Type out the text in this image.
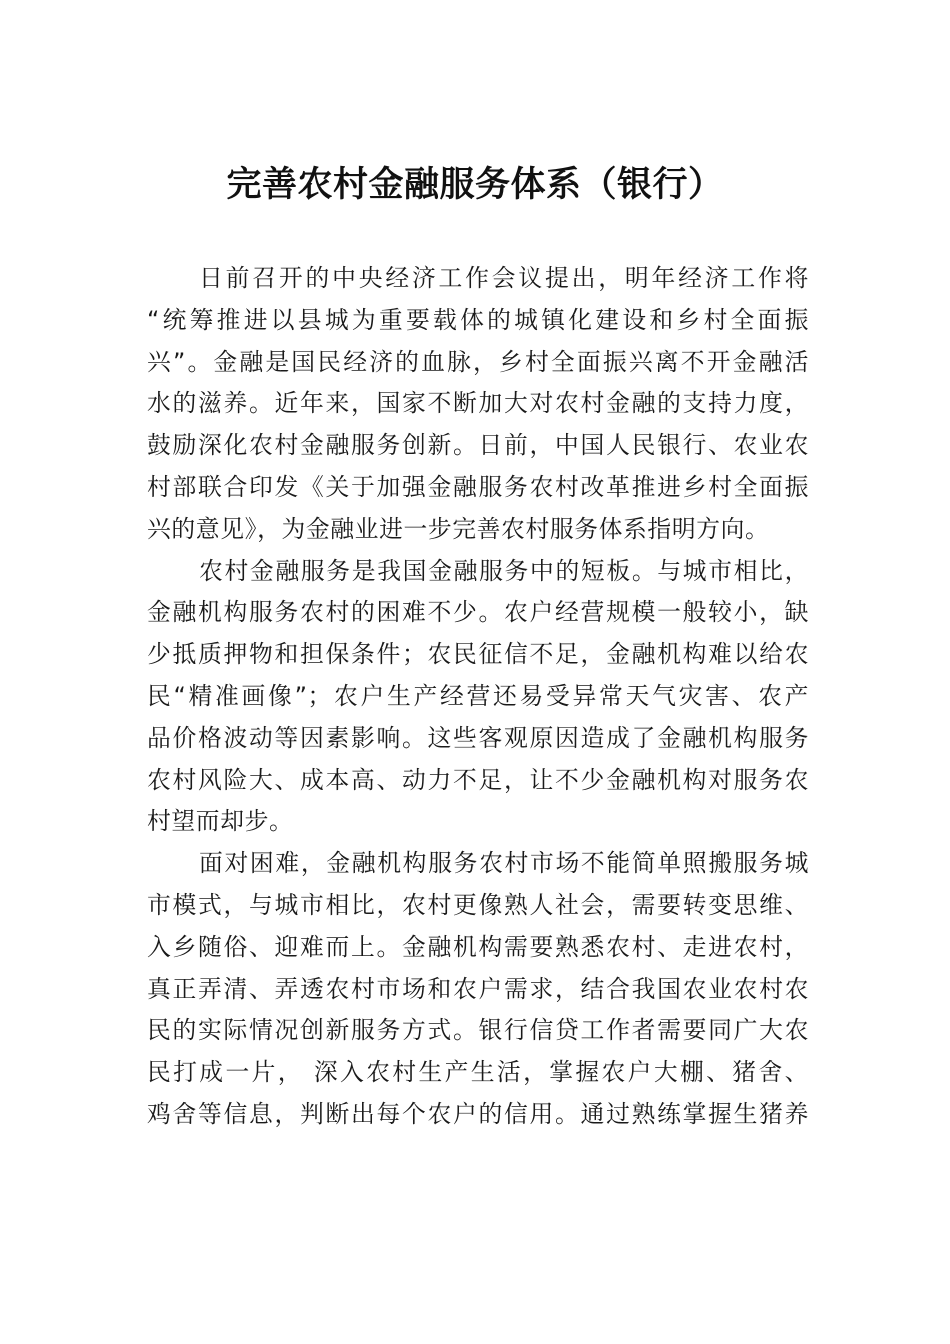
完善农村金融服务体系（银行）
日前召开的中央经济工作会议提出，明年经济工作将
“统筹推进以县城为重要载体的城镇化建设和乡村全面振
兴”。金融是国民经济的血脉，乡村全面振兴离不开金融活
水的滋养。近年来，国家不断加大对农村金融的支持力度，
鼓励深化农村金融服务创新。日前，中国人民银行、农业农
村部联合印发《关于加强金融服务农村改革推进乡村全面振
兴的意见》，为金融业进一步完善农村服务体系指明方向。
农村金融服务是我国金融服务中的短板。与城市相比，
金融机构服务农村的困难不少。农户经营规模一般较小，缺
少抵质押物和担保条件；农民征信不足，金融机构难以给农
民“精准画像”；农户生产经营还易受异常天气灾害、农产
品价格波动等因素影响。这些客观原因造成了金融机构服务
农村风险大、成本高、动力不足，让不少金融机构对服务农
村望而却步。
面对困难，金融机构服务农村市场不能简单照搬服务城
市模式，与城市相比，农村更像熟人社会，需要转变思维、
入乡随俗、迎难而上。金融机构需要熟悉农村、走进农村，
真正弄清、弄透农村市场和农户需求，结合我国农业农村农
民的实际情况创新服务方式。银行信贷工作者需要同广大农
民打成一片， 深入农村生产生活，掌握农户大棚、猪舍、
鸡舍等信息，判断出每个农户的信用。通过熟练掌握生猪养
